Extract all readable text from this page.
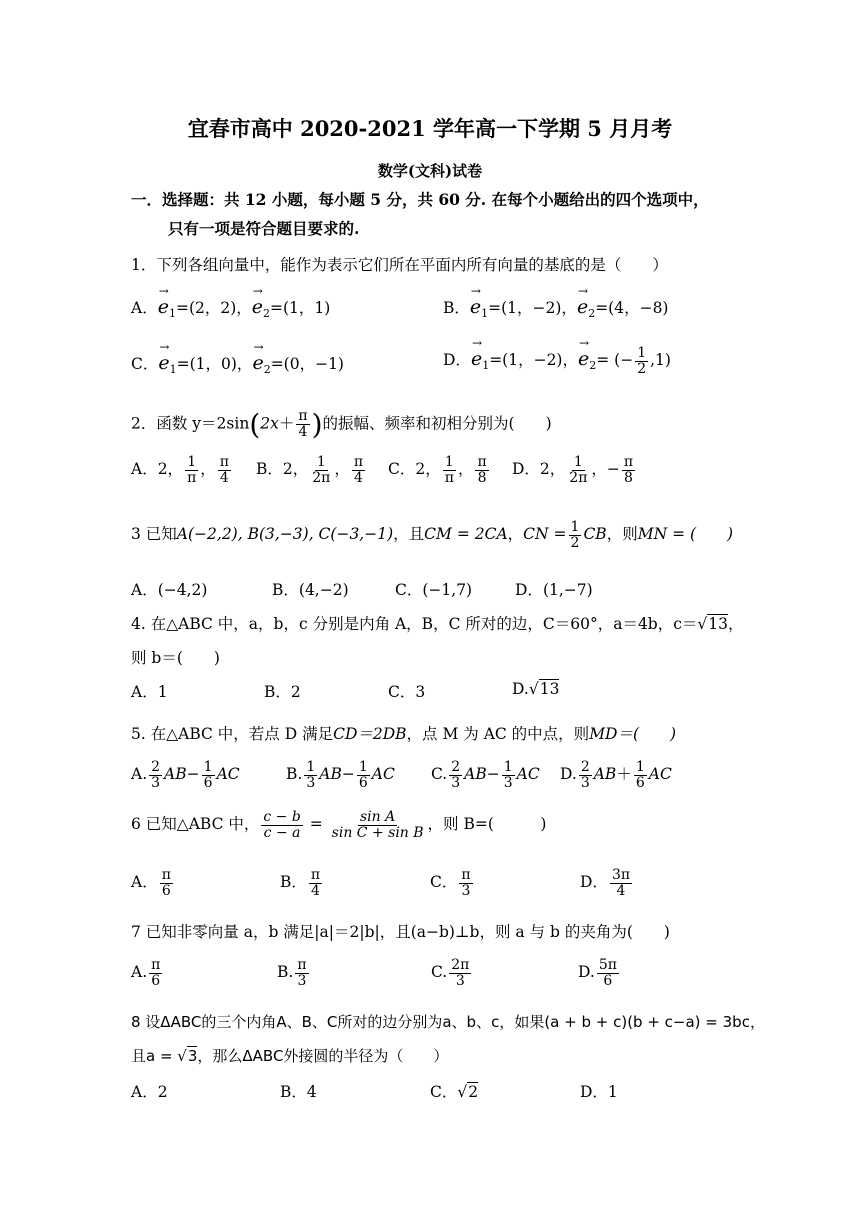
宜春市高中 2020-2021 学年高一下学期 5 月月考
数学(文科)试卷
一．选择题：共 12 小题，每小题 5 分，共 60 分. 在每个小题给出的四个选项中，
只有一项是符合题目要求的.
1．下列各组向量中，能作为表示它们所在平面内所有向量的基底的是（　　）
A．
→
$e_1=(2$，2)，
→
$e_2=(1$，1)	B．
→
$e_1=(1$，−2)，
→
$e_2=(4$，−8)
C．
→
$e_1=(1$，0)，
→
$e_2=(0$，−1)	D．
→
$e_1=(1$，−2)，
→
$e_2=$ (− $\frac{1}{2} ,1$)
2．函数 $y=2\sin(2x+ \frac{\pi}{4}$ )的振幅、频率和初相分别为(　　)
A．2， $\frac{1}{\pi}$ ， $\frac{\pi}{4}$ B．2， $\frac{1}{2\pi}$ ， $\frac{\pi}{4}$ C．2， $\frac{1}{\pi}$ ， $\frac{\pi}{8}$ D．2， $\frac{1}{2\pi}$ ，− $\frac{\pi}{8}$
3 已知A(−2,2), B(3,−3), C(−3,−1)，且CM = 2CA，CN = $\frac{1}{2}$ CB，则MN = (　　)
A．(−4,2)	B．(4,−2)	C．(−1,7)	D．(1,−7)
4. 在△ABC 中，a，b，c 分别是内角 A，B，C 所对的边，C＝60°，a＝4b，c＝√13，
则 b＝(　　)
A．1	B．2	C．3	D.√13
5. 在△ABC 中，若点 D 满足CD＝2DB，点 M 为 AC 的中点，则MD＝(　　)
A. $\frac{2}{3} AB- \frac{1}{6}$ AC	B. $\frac{1}{3} AB- \frac{1}{6}$ AC C. $\frac{2}{3} AB- \frac{1}{3}$ AC D. $\frac{2}{3} AB+ \frac{1}{6}$ AC
6 已知△ABC 中， $\frac{c - b}{c - a} = \frac{\text{sin A}}{\text{sin C + sin B}}$ ，则 B=(　　　)
A． $\frac{\pi}{6}$	B． $\frac{\pi}{4}$	C． $\frac{\pi}{3}$	D． $\frac{3\pi}{4}$
7 已知非零向量 a，b 满足|a|＝2|b|，且(a−b)⊥b，则 a 与 b 的夹角为(　　)
A. $\frac{\pi}{6}$	B. $\frac{\pi}{3}$	C. $\frac{2\pi}{3}$	D. $\frac{5\pi}{6}$
8 设ΔABC的三个内角A、B、C所对的边分别为a、b、c，如果(a + b + c)(b + c−a) = 3bc，
且a = √3，那么ΔABC外接圆的半径为（　　）
A．2	B．4	C．√2	D．1
